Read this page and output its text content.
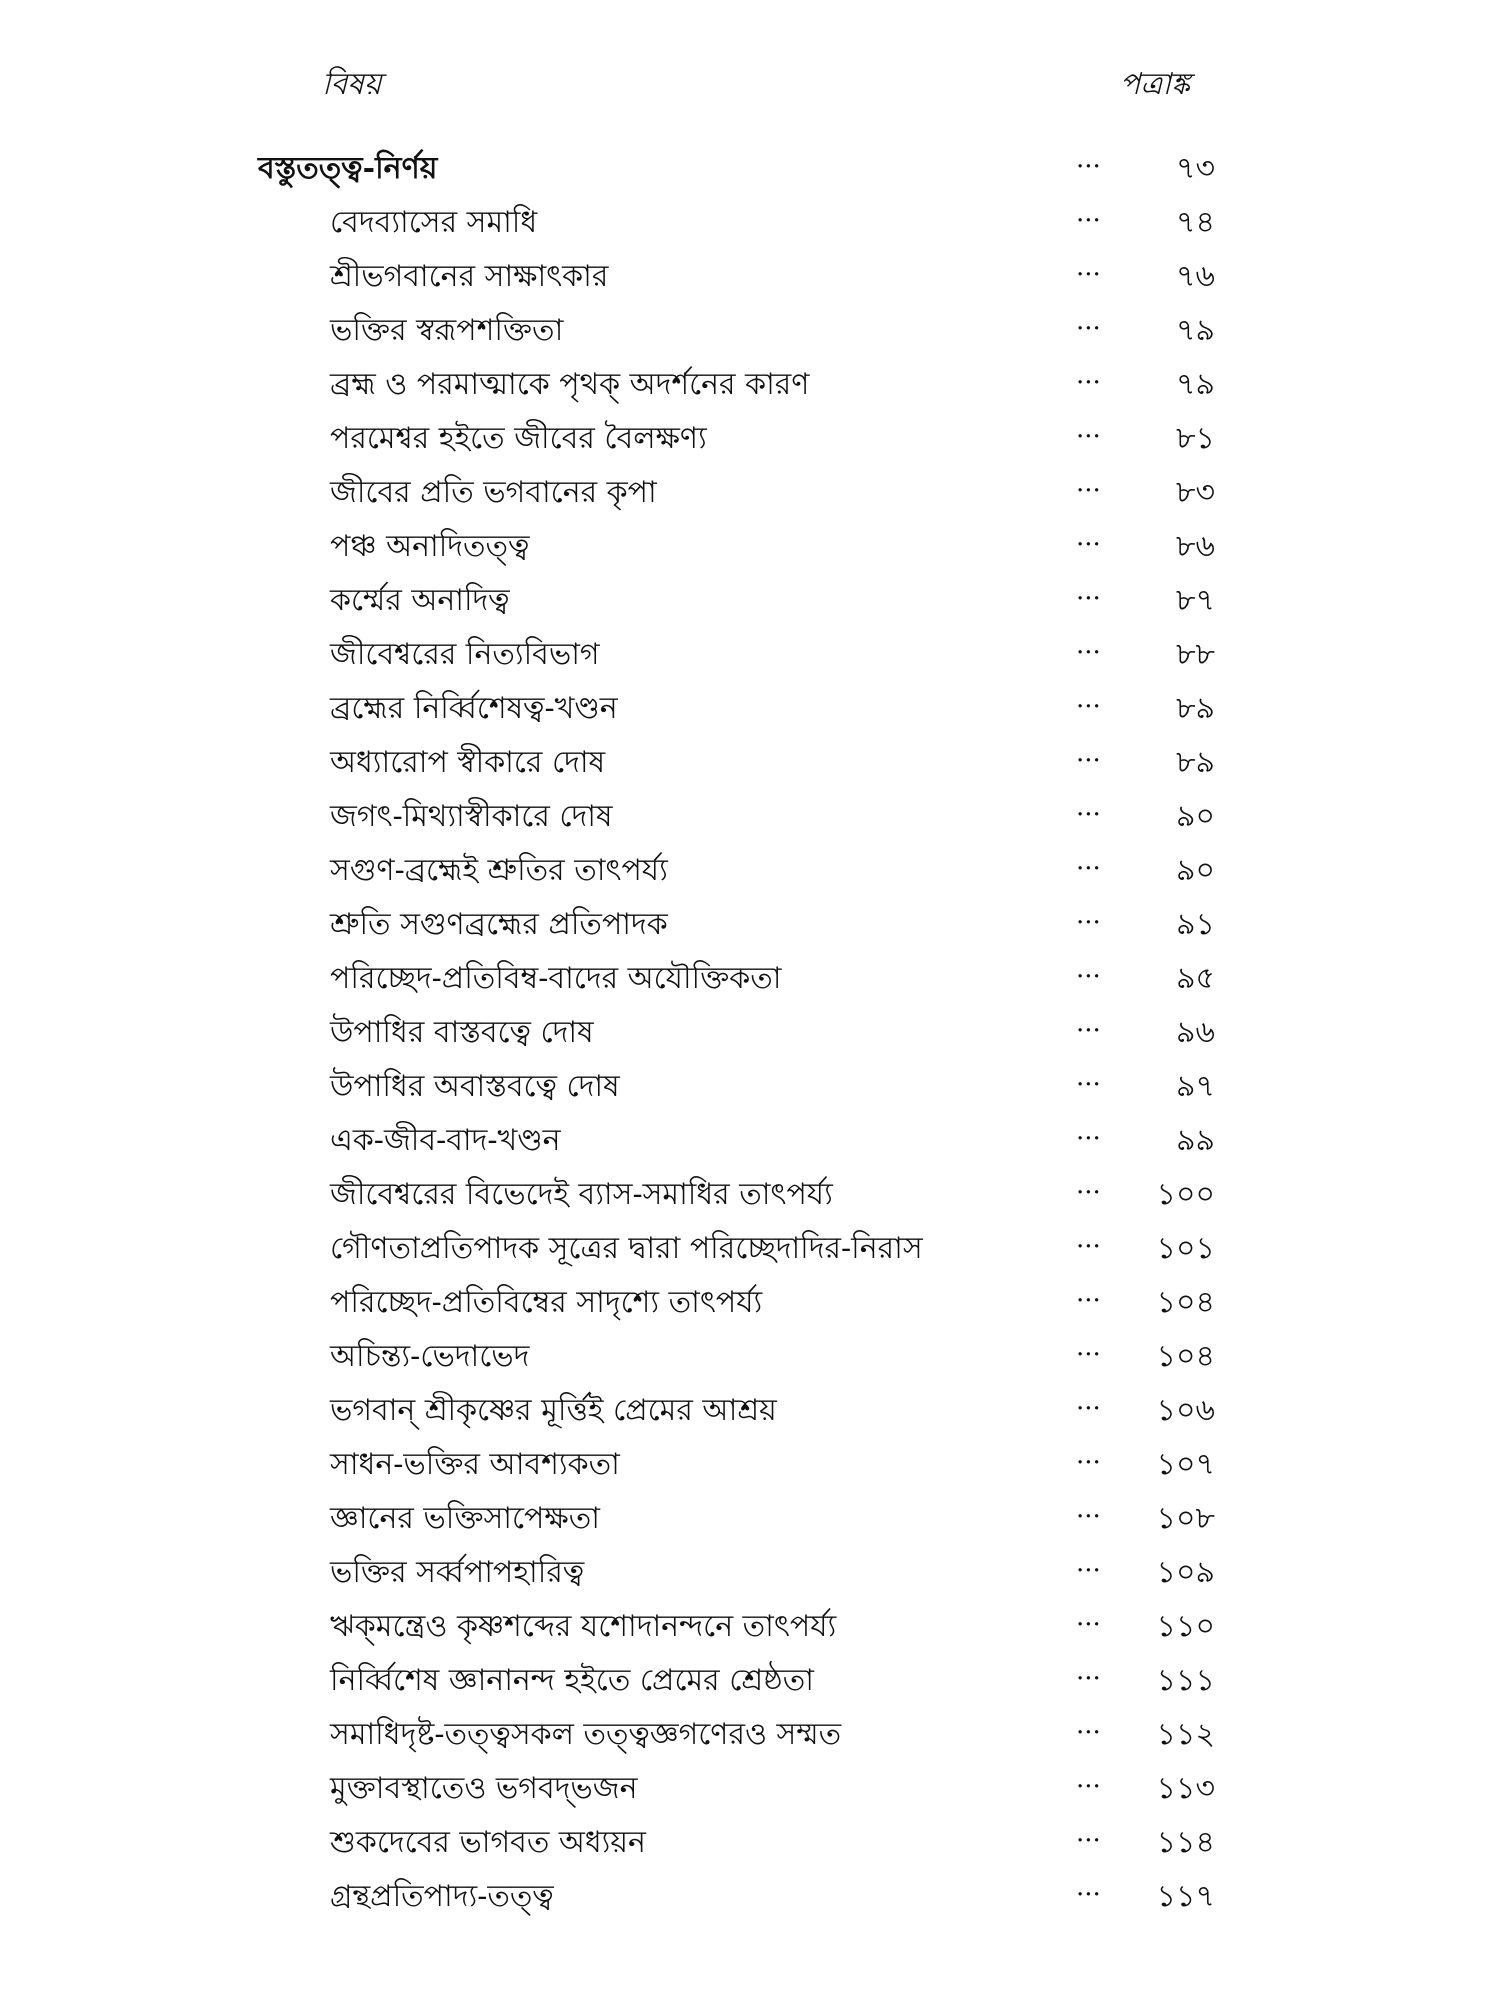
বিষয়	পত্রাঙ্ক
বস্তুতত্ত্ব-নির্ণয়	...	৭৩
বেদব্যাসের সমাধি	...	৭৪
শ্রীভগবানের সাক্ষাৎকার	...	৭৬
ভক্তির স্বরূপশক্তিতা	...	৭৯
ব্রহ্ম ও পরমাত্মাকে পৃথক্ অদর্শনের কারণ	...	৭৯
পরমেশ্বর হইতে জীবের বৈলক্ষণ্য	...	৮১
জীবের প্রতি ভগবানের কৃপা	...	৮৩
পঞ্চ অনাদিতত্ত্ব	...	৮৬
কর্ম্মের অনাদিত্ব	...	৮৭
জীবেশ্বরের নিত্যবিভাগ	...	৮৮
ব্রহ্মের নির্ব্বিশেষত্ব-খণ্ডন	...	৮৯
অধ্যারোপ স্বীকারে দোষ	...	৮৯
জগৎ-মিথ্যাস্বীকারে দোষ	...	৯০
সগুণ-ব্রহ্মেই শ্রুতির তাৎপর্য্য	...	৯০
শ্রুতি সগুণব্রহ্মের প্রতিপাদক	...	৯১
পরিচ্ছেদ-প্রতিবিম্ব-বাদের অযৌক্তিকতা	...	৯৫
উপাধির বাস্তবত্বে দোষ	...	৯৬
উপাধির অবাস্তবত্বে দোষ	...	৯৭
এক-জীব-বাদ-খণ্ডন	...	৯৯
জীবেশ্বরের বিভেদেই ব্যাস-সমাধির তাৎপর্য্য	... ১০০
গৌণতাপ্রতিপাদক সূত্রের দ্বারা পরিচ্ছেদাদির-নিরাস	... ১০১
পরিচ্ছেদ-প্রতিবিম্বের সাদৃশ্যে তাৎপর্য্য	... ১০৪
অচিন্ত্য-ভেদাভেদ	... ১০৪
ভগবান্ শ্রীকৃষ্ণের মূর্ত্তিই প্রেমের আশ্রয়	... ১০৬
সাধন-ভক্তির আবশ্যকতা	... ১০৭
জ্ঞানের ভক্তিসাপেক্ষতা	... ১০৮
ভক্তির সর্ব্বপাপহারিত্ব	... ১০৯
ঋক্‌মন্ত্রেও কৃষ্ণশব্দের যশোদানন্দনে তাৎপর্য্য	... ১১০
নির্ব্বিশেষ জ্ঞানানন্দ হইতে প্রেমের শ্রেষ্ঠতা	... ১১১
সমাধিদৃষ্ট-তত্ত্বসকল তত্ত্বজ্ঞগণেরও সম্মত	... ১১২
মুক্তাবস্থাতেও ভগবদ্‌ভজন	... ১১৩
শুকদেবের ভাগবত অধ্যয়ন	... ১১৪
গ্রন্থপ্রতিপাদ্য-তত্ত্ব	... ১১৭
